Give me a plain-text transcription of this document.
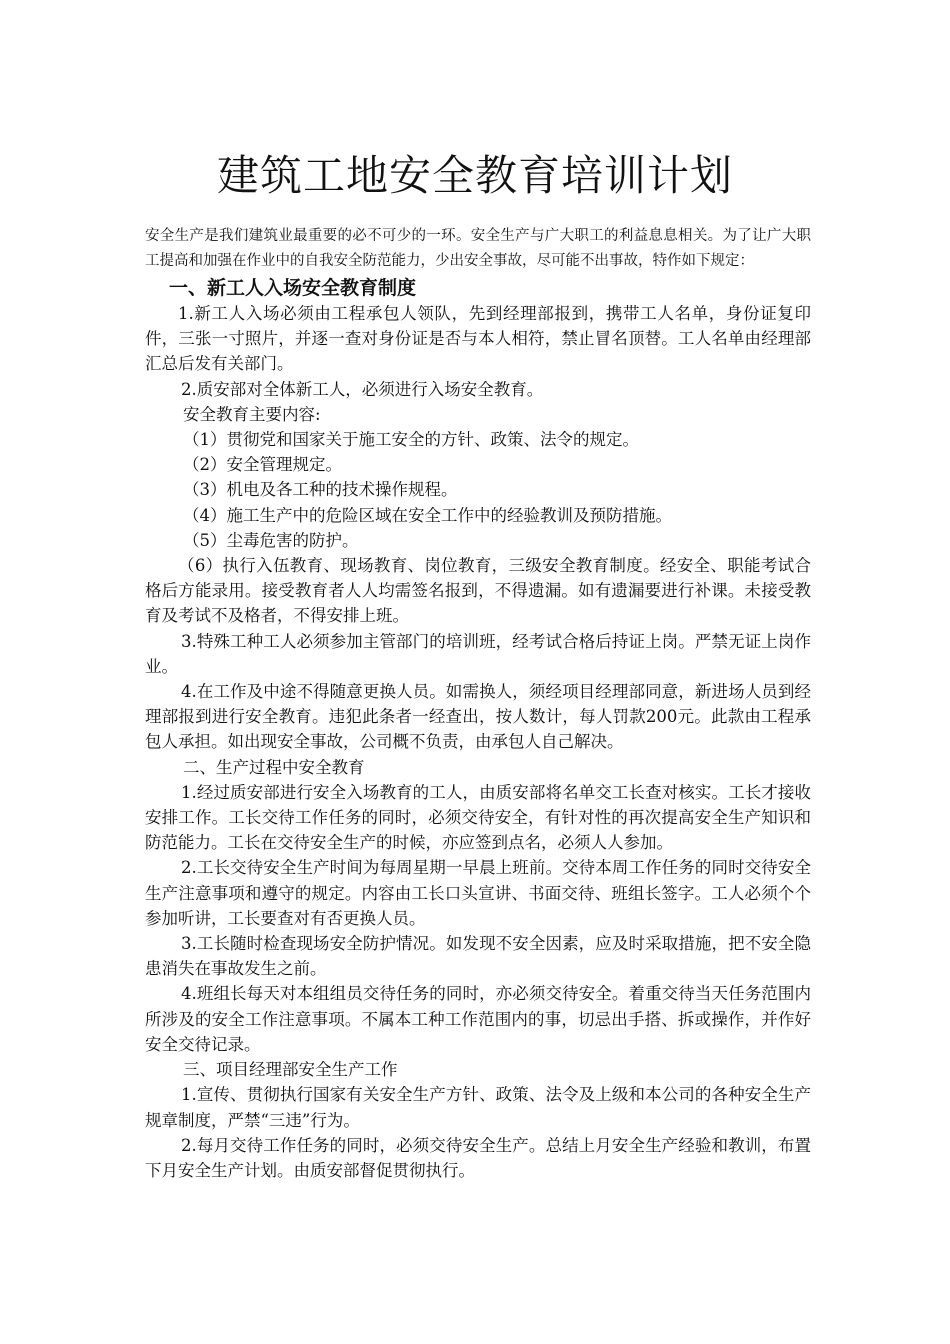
建筑工地安全教育培训计划

安全生产是我们建筑业最重要的必不可少的一环。安全生产与广大职工的利益息息相关。为了让广大职工提高和加强在作业中的自我安全防范能力，少出安全事故，尽可能不出事故，特作如下规定：

一、新工人入场安全教育制度

1.新工人入场必须由工程承包人领队，先到经理部报到，携带工人名单，身份证复印件，三张一寸照片，并逐一查对身份证是否与本人相符，禁止冒名顶替。工人名单由经理部汇总后发有关部门。

2.质安部对全体新工人，必须进行入场安全教育。

安全教育主要内容:

（1）贯彻党和国家关于施工安全的方针、政策、法令的规定。

（2）安全管理规定。

（3）机电及各工种的技术操作规程。

（4）施工生产中的危险区域在安全工作中的经验教训及预防措施。

（5）尘毒危害的防护。

（6）执行入伍教育、现场教育、岗位教育，三级安全教育制度。经安全、职能考试合格后方能录用。接受教育者人人均需签名报到，不得遗漏。如有遗漏要进行补课。未接受教育及考试不及格者，不得安排上班。

3.特殊工种工人必须参加主管部门的培训班，经考试合格后持证上岗。严禁无证上岗作业。

4.在工作及中途不得随意更换人员。如需换人，须经项目经理部同意，新进场人员到经理部报到进行安全教育。违犯此条者一经查出，按人数计，每人罚款200元。此款由工程承包人承担。如出现安全事故，公司概不负责，由承包人自己解决。

二、生产过程中安全教育

1.经过质安部进行安全入场教育的工人，由质安部将名单交工长查对核实。工长才接收安排工作。工长交待工作任务的同时，必须交待安全，有针对性的再次提高安全生产知识和防范能力。工长在交待安全生产的时候，亦应签到点名，必须人人参加。

2.工长交待安全生产时间为每周星期一早晨上班前。交待本周工作任务的同时交待安全生产注意事项和遵守的规定。内容由工长口头宣讲、书面交待、班组长签字。工人必须个个参加听讲，工长要查对有否更换人员。

3.工长随时检查现场安全防护情况。如发现不安全因素，应及时采取措施，把不安全隐患消失在事故发生之前。

4.班组长每天对本组组员交待任务的同时，亦必须交待安全。着重交待当天任务范围内所涉及的安全工作注意事项。不属本工种工作范围内的事，切忌出手搭、拆或操作，并作好安全交待记录。

三、项目经理部安全生产工作

1.宣传、贯彻执行国家有关安全生产方针、政策、法令及上级和本公司的各种安全生产规章制度，严禁“三违”行为。

2.每月交待工作任务的同时，必须交待安全生产。总结上月安全生产经验和教训，布置下月安全生产计划。由质安部督促贯彻执行。
